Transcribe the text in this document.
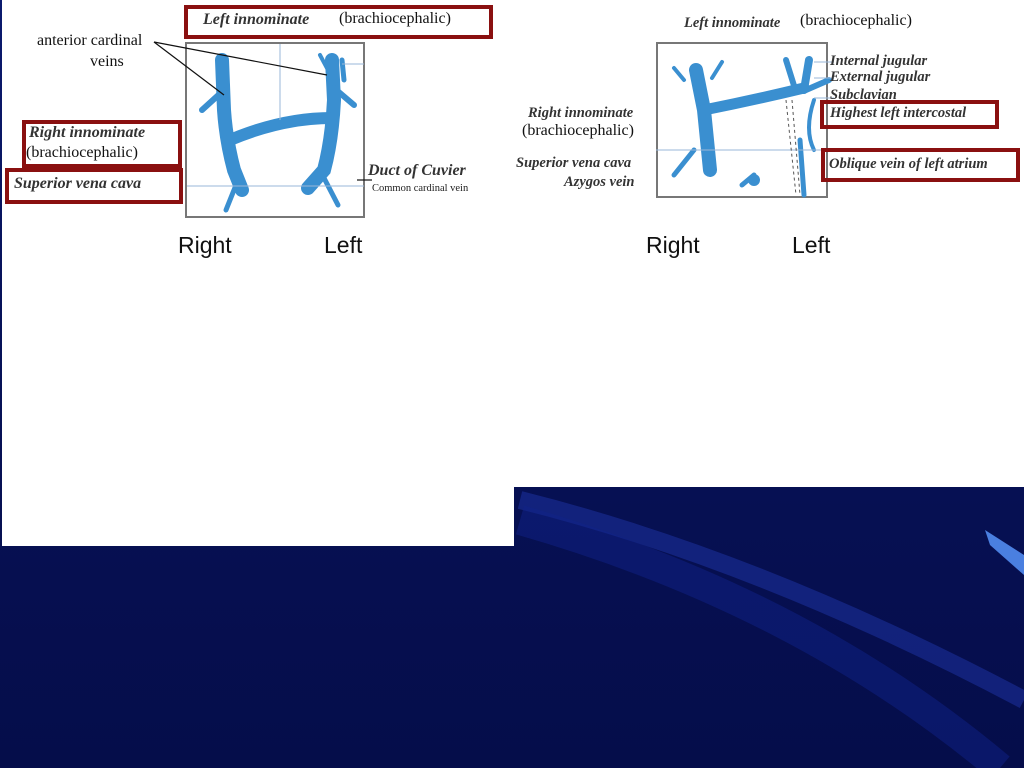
Left innominate (brachiocephalic)
anterior cardinal
veins
Right innominate
(brachiocephalic)
Superior vena cava
Duct of Cuvier
Common cardinal vein
Right	Left
Left innominate (brachiocephalic)
Right innominate
(brachiocephalic)
Superior vena cava
Azygos vein
Internal jugular
External jugular
Subclavian
Highest left intercostal
Oblique vein of left atrium
Right	Left
